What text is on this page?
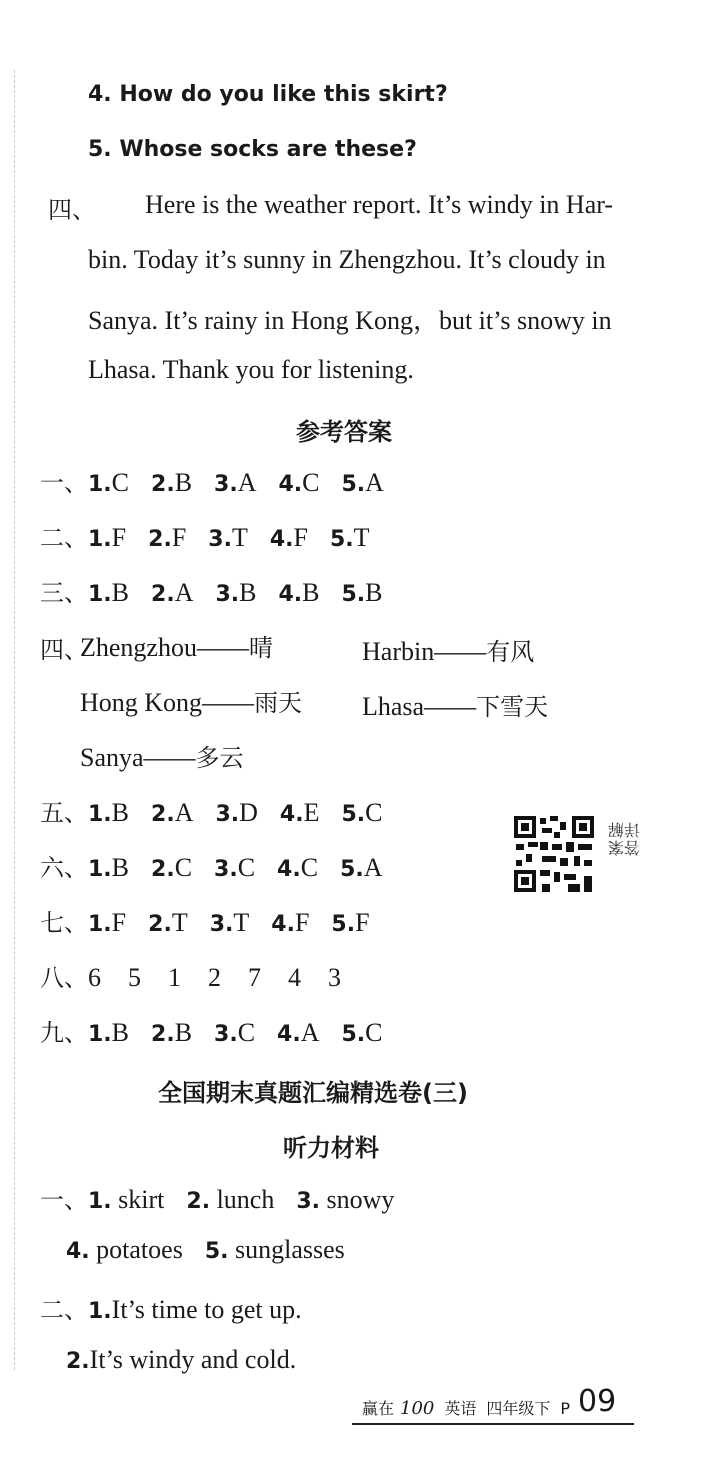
4. How do you like this skirt?
5. Whose socks are these?
四、 Here is the weather report. It’s windy in Har-
bin. Today it’s sunny in Zhengzhou. It’s cloudy in
Sanya. It’s rainy in Hong Kong，but it’s snowy in
Lhasa. Thank you for listening.
参考答案
一、1.C 2.B 3.A 4.C 5.A
二、1.F 2.F 3.T 4.F 5.T
三、1.B 2.A 3.B 4.B 5.B
四、
Zhengzhou——晴	Harbin——有风
Hong Kong——雨天 Lhasa——下雪天
Sanya——多云
五、1.B 2.A 3.D 4.E 5.C
六、1.B 2.C 3.C 4.C 5.A
七、1.F 2.T 3.T 4.F 5.F
答案详解
八、6 5 1 2 7 4 3
九、1.B 2.B 3.C 4.A 5.C
全国期末真题汇编精选卷(三)
听力材料
一、1. skirt 2. lunch 3. snowy
4. potatoes 5. sunglasses
二、1.It’s time to get up.
2.It’s windy and cold.
赢在 100 英语 四年级下 P 09
